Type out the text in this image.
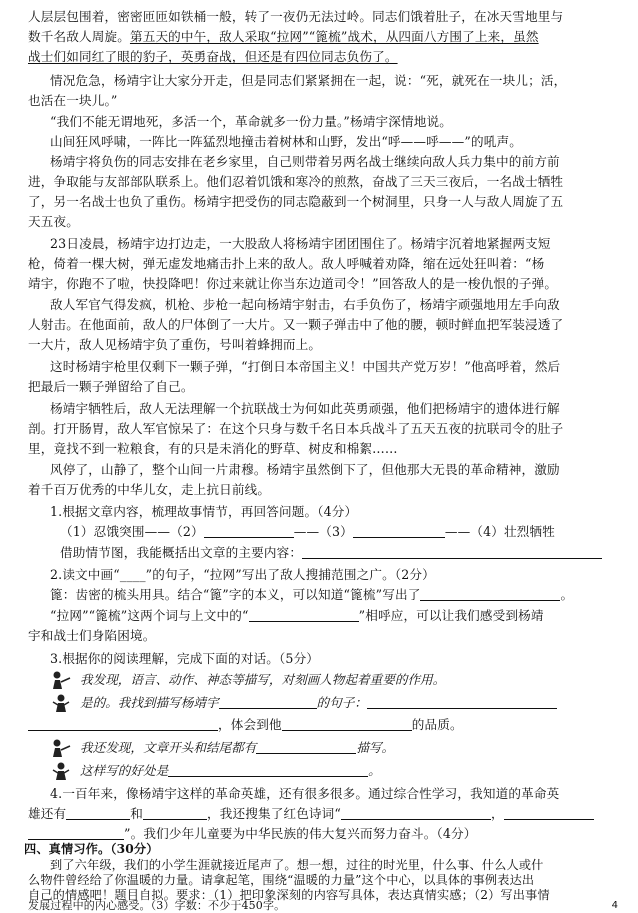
人层层包围着，密密匝匝如铁桶一般，转了一夜仍无法过岭。同志们饿着肚子，在冰天雪地里与
数千名敌人周旋。第五天的中午，敌人采取“拉网”“篦梳”战术，从四面八方围了上来，虽然
战士们如同红了眼的豹子，英勇奋战，但还是有四位同志负伤了。
情况危急，杨靖宇让大家分开走，但是同志们紧紧拥在一起，说：“死，就死在一块儿；活，
也活在一块儿。”
“我们不能无谓地死，多活一个，革命就多一份力量。”杨靖宇深情地说。
山间狂风呼啸，一阵比一阵猛烈地撞击着树林和山野，发出“呼——呼——”的吼声。
杨靖宇将负伤的同志安排在老乡家里，自己则带着另两名战士继续向敌人兵力集中的前方前
进，争取能与友部部队联系上。他们忍着饥饿和寒冷的煎熬，奋战了三天三夜后，一名战士牺牲
了，另一名战士也负了重伤。杨靖宇把受伤的同志隐蔽到一个树洞里，只身一人与敌人周旋了五
天五夜。
23日凌晨，杨靖宇边打边走，一大股敌人将杨靖宇团团围住了。杨靖宇沉着地紧握两支短
枪，倚着一棵大树，弹无虚发地痛击扑上来的敌人。敌人呼喊着劝降，缩在远处狂叫着：“杨
靖宇，你跑不了啦，快投降吧！你过来就让你当东边道司令！”回答敌人的是一梭仇恨的子弹。
敌人军官气得发疯，机枪、步枪一起向杨靖宇射击，右手负伤了，杨靖宇顽强地用左手向敌
人射击。在他面前，敌人的尸体倒了一大片。又一颗子弹击中了他的腰，顿时鲜血把军装浸透了
一大片，敌人见杨靖宇负了重伤，号叫着蜂拥而上。
这时杨靖宇枪里仅剩下一颗子弹，“打倒日本帝国主义！中国共产党万岁！”他高呼着，然后
把最后一颗子弹留给了自己。
杨靖宇牺牲后，敌人无法理解一个抗联战士为何如此英勇顽强，他们把杨靖宇的遗体进行解
剖。打开肠胃，敌人军官惊呆了：在这个只身与数千名日本兵战斗了五天五夜的抗联司令的肚子
里，竟找不到一粒粮食，有的只是未消化的野草、树皮和棉絮……
风停了，山静了，整个山间一片肃穆。杨靖宇虽然倒下了，但他那大无畏的革命精神，激励
着千百万优秀的中华儿女，走上抗日前线。
1.根据文章内容，梳理故事情节，再回答问题。（4分）
（1）忍饿突围——（2）	——（3）	——（4）壮烈牺牲
借助情节图，我能概括出文章的主要内容：
2.读文中画“____”的句子，“拉网”写出了敌人搜捕范围之广。（2分）
篦：齿密的梳头用具。结合“篦”字的本义，可以知道“篦梳”写出了	。
“拉网”“篦梳”这两个词与上文中的“	”相呼应，可以让我们感受到杨靖
宇和战士们身陷困境。
3.根据你的阅读理解，完成下面的对话。（5分）
我发现，语言、动作、神态等描写，对刻画人物起着重要的作用。
是的。我找到描写杨靖宇	的句子：
，体会到他	的品质。
我还发现，文章开头和结尾都有	描写。
这样写的好处是	。
4.一百年来，像杨靖宇这样的革命英雄，还有很多很多。通过综合性学习，我知道的革命英
雄还有	和	，我还搜集了红色诗词“	，
”。我们少年儿童要为中华民族的伟大复兴而努力奋斗。（4分）
四、真情习作。（30分）
到了六年级，我们的小学生涯就接近尾声了。想一想，过往的时光里，什么事、什么人或什
4
么物件曾经给了你温暖的力量。请拿起笔，围绕“温暖的力量”这个中心，以具体的事例表达出
自己的情感吧！题目自拟。要求：（1）把印象深刻的内容写具体，表达真情实感；（2）写出事情
发展过程中的内心感受。（3）字数：不少于450字。
